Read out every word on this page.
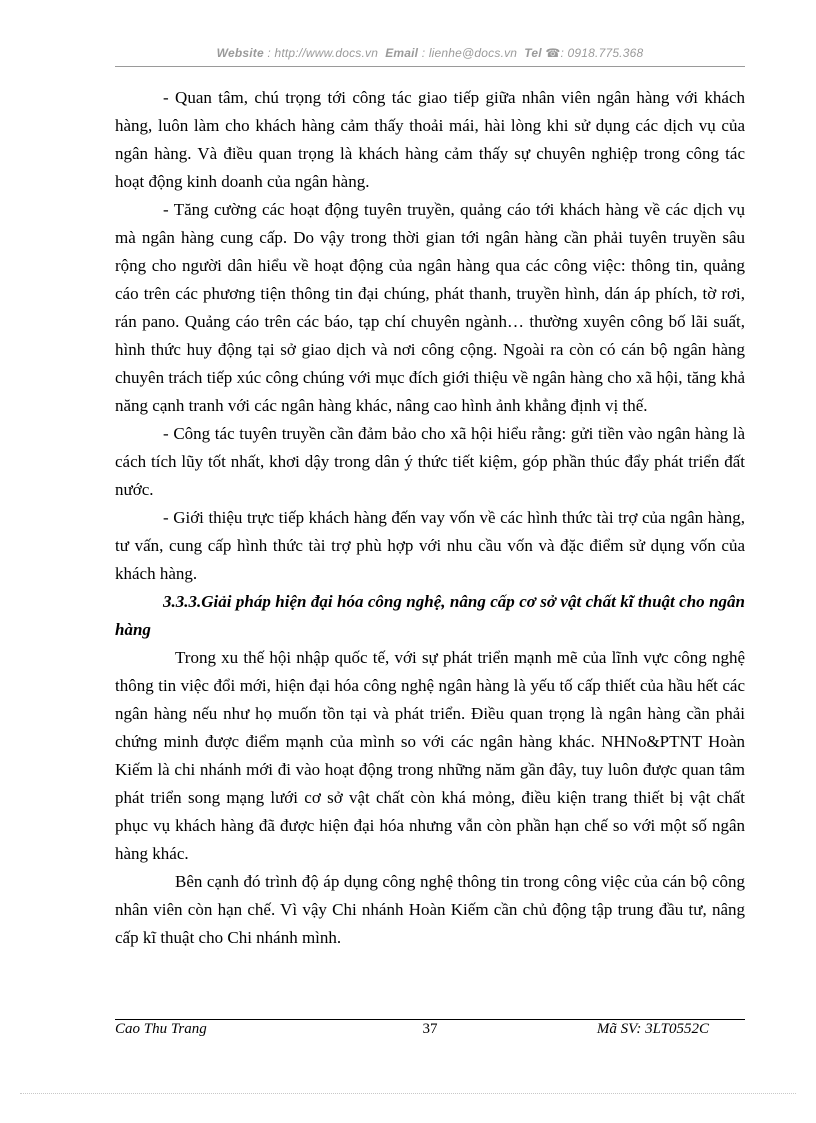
Website : http://www.docs.vn Email : lienhe@docs.vn Tel ☎: 0918.775.368

- Quan tâm, chú trọng tới công tác giao tiếp giữa nhân viên ngân hàng với khách hàng, luôn làm cho khách hàng cảm thấy thoải mái, hài lòng khi sử dụng các dịch vụ của ngân hàng. Và điều quan trọng là khách hàng cảm thấy sự chuyên nghiệp trong công tác hoạt động kinh doanh của ngân hàng.

- Tăng cường các hoạt động tuyên truyền, quảng cáo tới khách hàng về các dịch vụ mà ngân hàng cung cấp. Do vậy trong thời gian tới ngân hàng cần phải tuyên truyền sâu rộng cho người dân hiểu về hoạt động của ngân hàng qua các công việc: thông tin, quảng cáo trên các phương tiện thông tin đại chúng, phát thanh, truyền hình, dán áp phích, tờ rơi, rán pano. Quảng cáo trên các báo, tạp chí chuyên ngành… thường xuyên công bố lãi suất, hình thức huy động tại sở giao dịch và nơi công cộng. Ngoài ra còn có cán bộ ngân hàng chuyên trách tiếp xúc công chúng với mục đích giới thiệu về ngân hàng cho xã hội, tăng khả năng cạnh tranh với các ngân hàng khác, nâng cao hình ảnh khẳng định vị thế.

- Công tác tuyên truyền cần đảm bảo cho xã hội hiểu rằng: gửi tiền vào ngân hàng là cách tích lũy tốt nhất, khơi dậy trong dân ý thức tiết kiệm, góp phần thúc đẩy phát triển đất nước.

- Giới thiệu trực tiếp khách hàng đến vay vốn về các hình thức tài trợ của ngân hàng, tư vấn, cung cấp hình thức tài trợ phù hợp với nhu cầu vốn và đặc điểm sử dụng vốn của khách hàng.

3.3.3.Giải pháp hiện đại hóa công nghệ, nâng cấp cơ sở vật chất kĩ thuật cho ngân hàng

Trong xu thế hội nhập quốc tế, với sự phát triển mạnh mẽ của lĩnh vực công nghệ thông tin việc đổi mới, hiện đại hóa công nghệ ngân hàng là yếu tố cấp thiết của hầu hết các ngân hàng nếu như họ muốn tồn tại và phát triển. Điều quan trọng là ngân hàng cần phải chứng minh được điểm mạnh của mình so với các ngân hàng khác. NHNo&PTNT Hoàn Kiếm là chi nhánh mới đi vào hoạt động trong những năm gần đây, tuy luôn được quan tâm phát triển song mạng lưới cơ sở vật chất còn khá mỏng, điều kiện trang thiết bị vật chất phục vụ khách hàng đã được hiện đại hóa nhưng vẫn còn phần hạn chế so với một số ngân hàng khác.

Bên cạnh đó trình độ áp dụng công nghệ thông tin trong công việc của cán bộ công nhân viên còn hạn chế. Vì vậy Chi nhánh Hoàn Kiếm cần chủ động tập trung đầu tư, nâng cấp kĩ thuật cho Chi nhánh mình.

Cao Thu Trang	37	Mã SV: 3LT0552C
